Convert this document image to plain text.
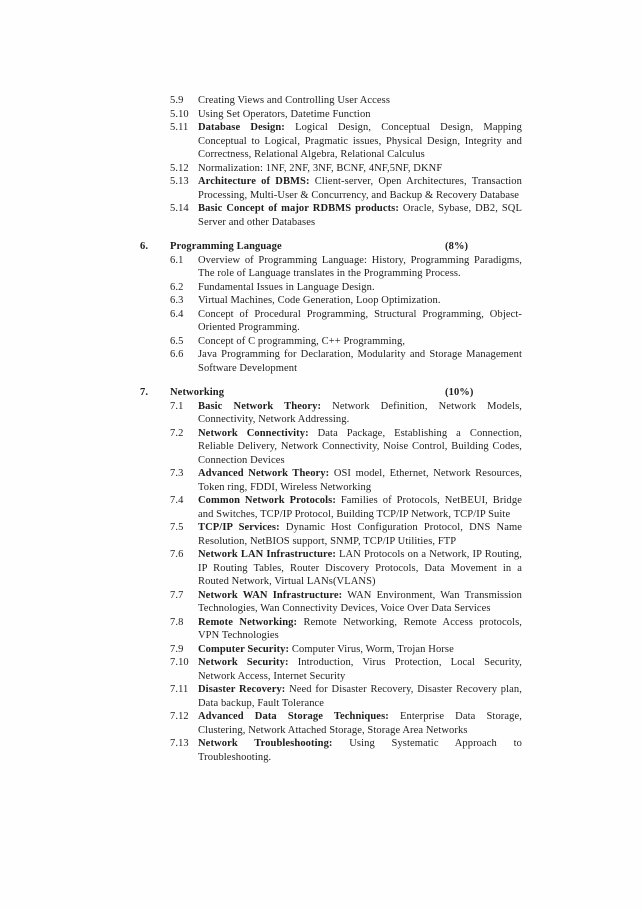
5.9	Creating Views and Controlling User Access
5.10 Using Set Operators, Datetime Function
5.11 Database Design: Logical Design, Conceptual Design, Mapping Conceptual to Logical, Pragmatic issues, Physical Design, Integrity and Correctness, Relational Algebra, Relational Calculus
5.12 Normalization: 1NF, 2NF, 3NF, BCNF, 4NF,5NF, DKNF
5.13 Architecture of DBMS: Client-server, Open Architectures, Transaction Processing, Multi-User & Concurrency, and Backup & Recovery Database
5.14 Basic Concept of major RDBMS products: Oracle, Sybase, DB2, SQL Server and other Databases
6.	Programming Language	(8%)
6.1	Overview of Programming Language: History, Programming Paradigms, The role of Language translates in the Programming Process.
6.2	Fundamental Issues in Language Design.
6.3	Virtual Machines, Code Generation, Loop Optimization.
6.4	Concept of Procedural Programming, Structural Programming, Object-Oriented Programming.
6.5	Concept of C programming, C++ Programming,
6.6	Java Programming for Declaration, Modularity and Storage Management Software Development
7.	Networking	(10%)
7.1	Basic Network Theory: Network Definition, Network Models, Connectivity, Network Addressing.
7.2	Network Connectivity: Data Package, Establishing a Connection, Reliable Delivery, Network Connectivity, Noise Control, Building Codes, Connection Devices
7.3	Advanced Network Theory: OSI model, Ethernet, Network Resources, Token ring, FDDI, Wireless Networking
7.4	Common Network Protocols: Families of Protocols, NetBEUI, Bridge and Switches, TCP/IP Protocol, Building TCP/IP Network, TCP/IP Suite
7.5	TCP/IP Services: Dynamic Host Configuration Protocol, DNS Name Resolution, NetBIOS support, SNMP, TCP/IP Utilities, FTP
7.6	Network LAN Infrastructure: LAN Protocols on a Network, IP Routing, IP Routing Tables, Router Discovery Protocols, Data Movement in a Routed Network, Virtual LANs(VLANS)
7.7	Network WAN Infrastructure: WAN Environment, Wan Transmission Technologies, Wan Connectivity Devices, Voice Over Data Services
7.8	Remote Networking: Remote Networking, Remote Access protocols, VPN Technologies
7.9	Computer Security: Computer Virus, Worm, Trojan Horse
7.10 Network Security: Introduction, Virus Protection, Local Security, Network Access, Internet Security
7.11 Disaster Recovery: Need for Disaster Recovery, Disaster Recovery plan, Data backup, Fault Tolerance
7.12 Advanced Data Storage Techniques: Enterprise Data Storage, Clustering, Network Attached Storage, Storage Area Networks
7.13 Network Troubleshooting: Using Systematic Approach to Troubleshooting.
